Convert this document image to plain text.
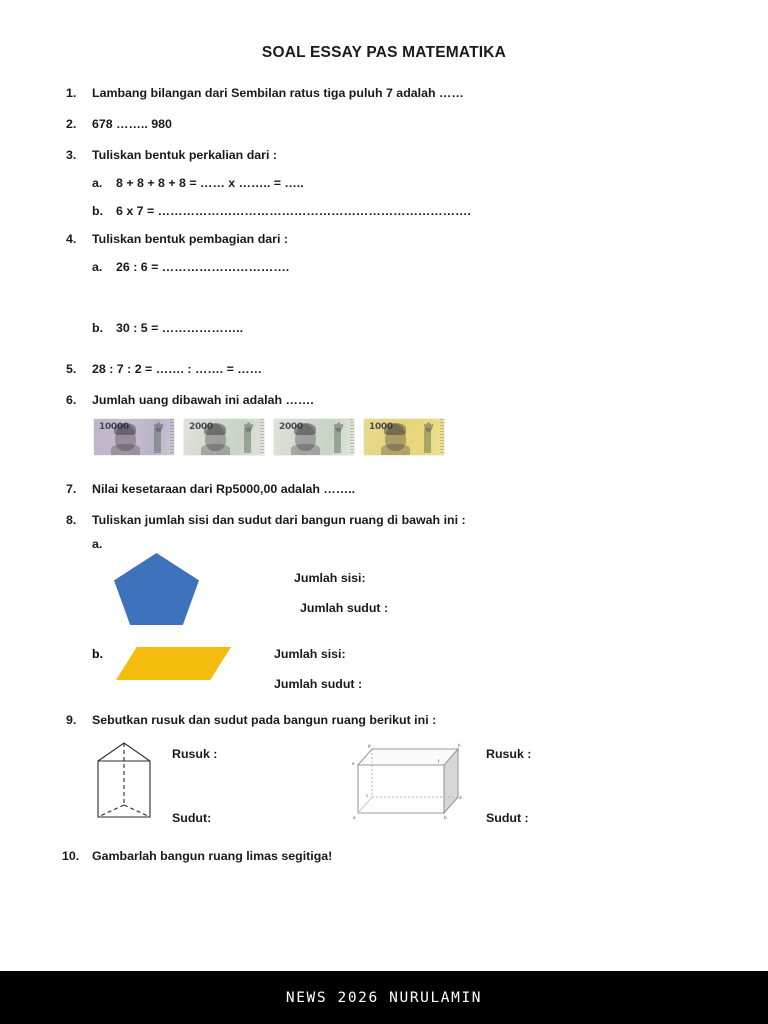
SOAL ESSAY PAS MATEMATIKA
1.	Lambang bilangan dari Sembilan ratus tiga puluh 7 adalah ……
2.	678 …….. 980
3.	Tuliskan bentuk perkalian dari :
a.	8 + 8 + 8 + 8 = …… x …….. = …..
b.	6 x 7 = ………………………………………………………………….
4.	Tuliskan bentuk pembagian dari :
a.	26 : 6 = ………………………….
b.	30 : 5 = ………………..
5.	28 : 7 : 2 = ……. : ……. = ……
6.	Jumlah uang dibawah ini adalah …….
10000	2000	2000	1000
7.	Nilai kesetaraan dari Rp5000,00 adalah ……..
8.	Tuliskan jumlah sisi dan sudut dari bangun ruang di bawah ini :
a.
Jumlah sisi:
Jumlah sudut :
b.	Jumlah sisi:
Jumlah sudut :
9.	Sebutkan rusuk dan sudut pada bangun ruang berikut ini :
Rusuk :
Sudut:
e
g	h
f
c	d
a	b
Rusuk :
Sudut :
10.	Gambarlah bangun ruang limas segitiga!
NEWS 2026 NURULAMIN
